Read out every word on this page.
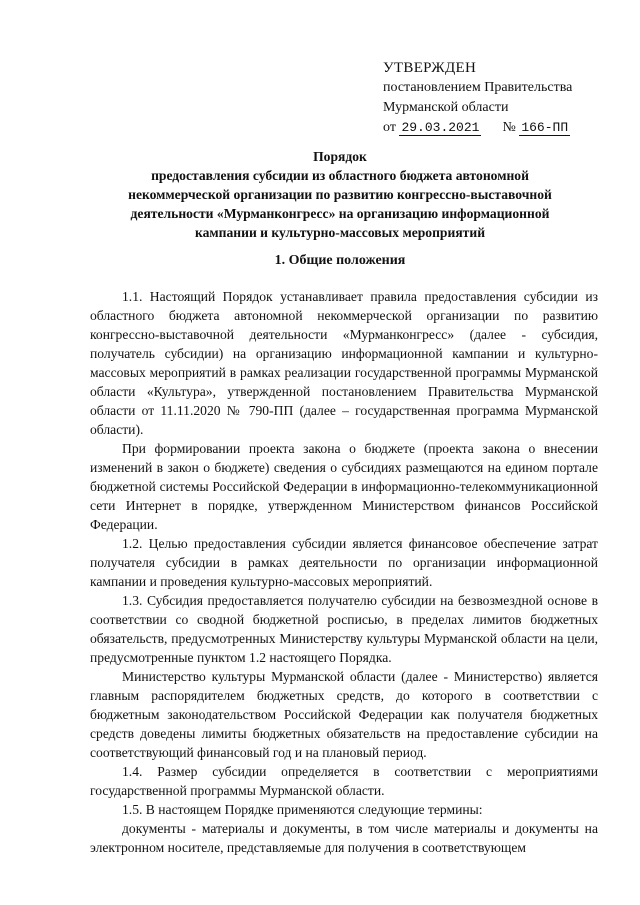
УТВЕРЖДЕН
постановлением Правительства
Мурманской области
от 29.03.2021 № 166-ПП
Порядок
предоставления субсидии из областного бюджета автономной
некоммерческой организации по развитию конгрессно-выставочной
деятельности «Мурманконгресс» на организацию информационной
кампании и культурно-массовых мероприятий
1. Общие положения

1.1. Настоящий Порядок устанавливает правила предоставления субсидии из областного бюджета автономной некоммерческой организации по развитию конгрессно-выставочной деятельности «Мурманконгресс» (далее - субсидия, получатель субсидии) на организацию информационной кампании и культурно-массовых мероприятий в рамках реализации государственной программы Мурманской области «Культура», утвержденной постановлением Правительства Мурманской области от 11.11.2020 № 790-ПП (далее – государственная программа Мурманской области).

При формировании проекта закона о бюджете (проекта закона о внесении изменений в закон о бюджете) сведения о субсидиях размещаются на едином портале бюджетной системы Российской Федерации в информационно-телекоммуникационной сети Интернет в порядке, утвержденном Министерством финансов Российской Федерации.

1.2. Целью предоставления субсидии является финансовое обеспечение затрат получателя субсидии в рамках деятельности по организации информационной кампании и проведения культурно-массовых мероприятий.

1.3. Субсидия предоставляется получателю субсидии на безвозмездной основе в соответствии со сводной бюджетной росписью, в пределах лимитов бюджетных обязательств, предусмотренных Министерству культуры Мурманской области на цели, предусмотренные пунктом 1.2 настоящего Порядка.

Министерство культуры Мурманской области (далее - Министерство) является главным распорядителем бюджетных средств, до которого в соответствии с бюджетным законодательством Российской Федерации как получателя бюджетных средств доведены лимиты бюджетных обязательств на предоставление субсидии на соответствующий финансовый год и на плановый период.

1.4. Размер субсидии определяется в соответствии с мероприятиями государственной программы Мурманской области.

1.5. В настоящем Порядке применяются следующие термины:

документы - материалы и документы, в том числе материалы и документы на электронном носителе, представляемые для получения в соответствующем
